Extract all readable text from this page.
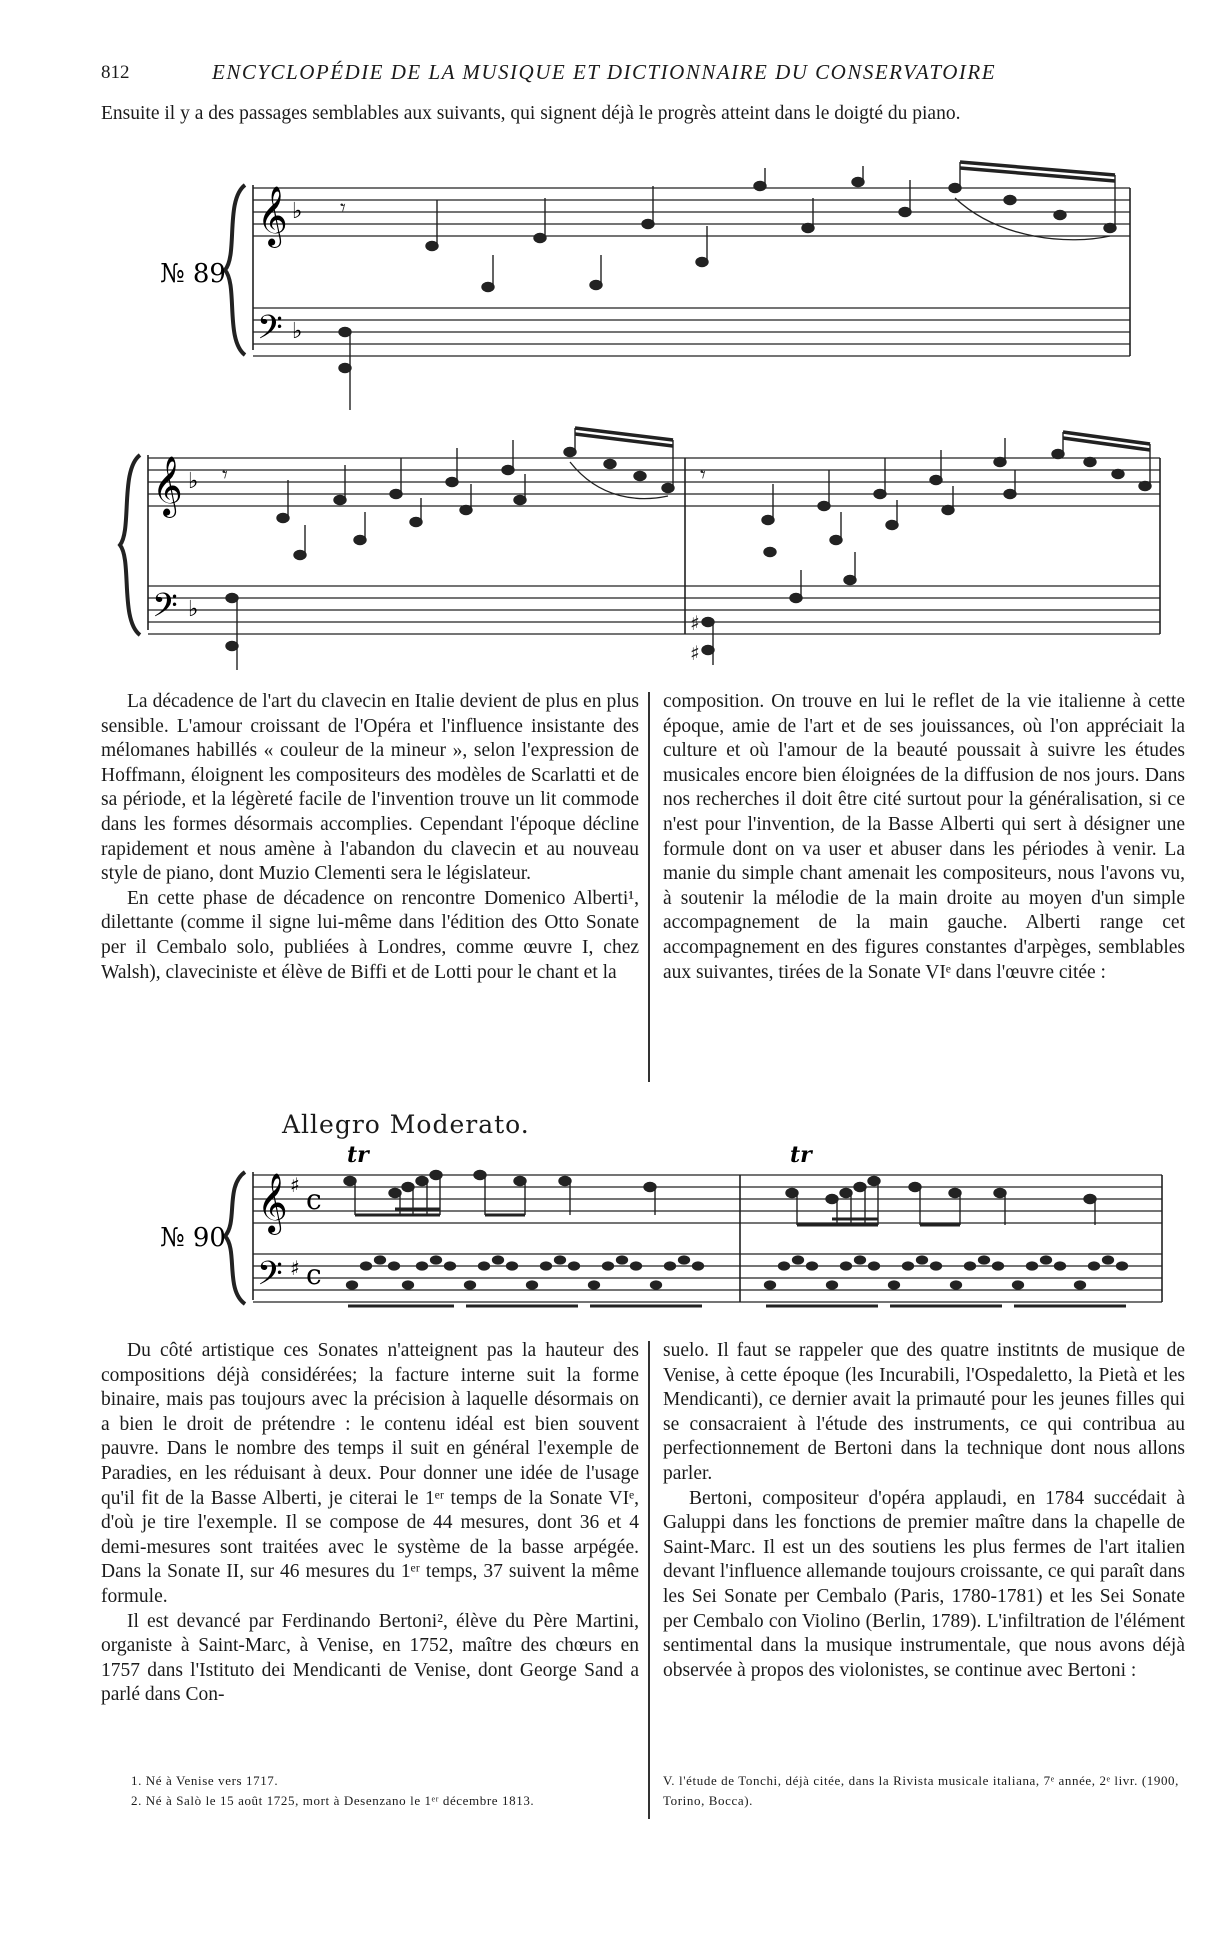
812	ENCYCLOPÉDIE DE LA MUSIQUE ET DICTIONNAIRE DU CONSERVATOIRE
Ensuite il y a des passages semblables aux suivants, qui signent déjà le progrès atteint dans le doigté du piano.
𝄞
𝄢
♭
♭
𝄾
№ 89
𝄞
𝄢
♭
♭
𝄾	𝄾
♯
♯

La décadence de l'art du clavecin en Italie devient de plus en plus sensible. L'amour croissant de l'Opéra et l'influence insistante des mélomanes habillés « couleur de la mineur », selon l'expression de Hoffmann, éloignent les compositeurs des modèles de Scarlatti et de sa période, et la légèreté facile de l'invention trouve un lit commode dans les formes désormais accomplies. Cependant l'époque décline rapidement et nous amène à l'abandon du clavecin et au nouveau style de piano, dont Muzio Clementi sera le législateur.

En cette phase de décadence on rencontre Domenico Alberti¹, dilettante (comme il signe lui-même dans l'édition des Otto Sonate per il Cembalo solo, publiées à Londres, comme œuvre I, chez Walsh), claveciniste et élève de Biffi et de Lotti pour le chant et la

composition. On trouve en lui le reflet de la vie italienne à cette époque, amie de l'art et de ses jouissances, où l'on appréciait la culture et où l'amour de la beauté poussait à suivre les études musicales encore bien éloignées de la diffusion de nos jours. Dans nos recherches il doit être cité surtout pour la généralisation, si ce n'est pour l'invention, de la Basse Alberti qui sert à désigner une formule dont on va user et abuser dans les périodes à venir. La manie du simple chant amenait les compositeurs, nous l'avons vu, à soutenir la mélodie de la main droite au moyen d'un simple accompagnement de la main gauche. Alberti range cet accompagnement en des figures constantes d'arpèges, semblables aux suivantes, tirées de la Sonate VIᵉ dans l'œuvre citée :

Allegro Moderato.
𝄞
𝄢
♯
♯
c
c
tr	tr
№ 90

Du côté artistique ces Sonates n'atteignent pas la hauteur des compositions déjà considérées; la facture interne suit la forme binaire, mais pas toujours avec la précision à laquelle désormais on a bien le droit de prétendre : le contenu idéal est bien souvent pauvre. Dans le nombre des temps il suit en général l'exemple de Paradies, en les réduisant à deux. Pour donner une idée de l'usage qu'il fit de la Basse Alberti, je citerai le 1ᵉʳ temps de la Sonate VIᵉ, d'où je tire l'exemple. Il se compose de 44 mesures, dont 36 et 4 demi-mesures sont traitées avec le système de la basse arpégée. Dans la Sonate II, sur 46 mesures du 1ᵉʳ temps, 37 suivent la même formule.

Il est devancé par Ferdinando Bertoni², élève du Père Martini, organiste à Saint-Marc, à Venise, en 1752, maître des chœurs en 1757 dans l'Istituto dei Mendicanti de Venise, dont George Sand a parlé dans Con-

suelo. Il faut se rappeler que des quatre institnts de musique de Venise, à cette époque (les Incurabili, l'Ospedaletto, la Pietà et les Mendicanti), ce dernier avait la primauté pour les jeunes filles qui se consacraient à l'étude des instruments, ce qui contribua au perfectionnement de Bertoni dans la technique dont nous allons parler.

Bertoni, compositeur d'opéra applaudi, en 1784 succédait à Galuppi dans les fonctions de premier maître dans la chapelle de Saint-Marc. Il est un des soutiens les plus fermes de l'art italien devant l'influence allemande toujours croissante, ce qui paraît dans les Sei Sonate per Cembalo (Paris, 1780-1781) et les Sei Sonate per Cembalo con Violino (Berlin, 1789). L'infiltration de l'élément sentimental dans la musique instrumentale, que nous avons déjà observée à propos des violonistes, se continue avec Bertoni :

1. Né à Venise vers 1717.

2. Né à Salò le 15 août 1725, mort à Desenzano le 1ᵉʳ décembre 1813.

V. l'étude de Tonchi, déjà citée, dans la Rivista musicale italiana, 7ᵉ année, 2ᵉ livr. (1900, Torino, Bocca).
